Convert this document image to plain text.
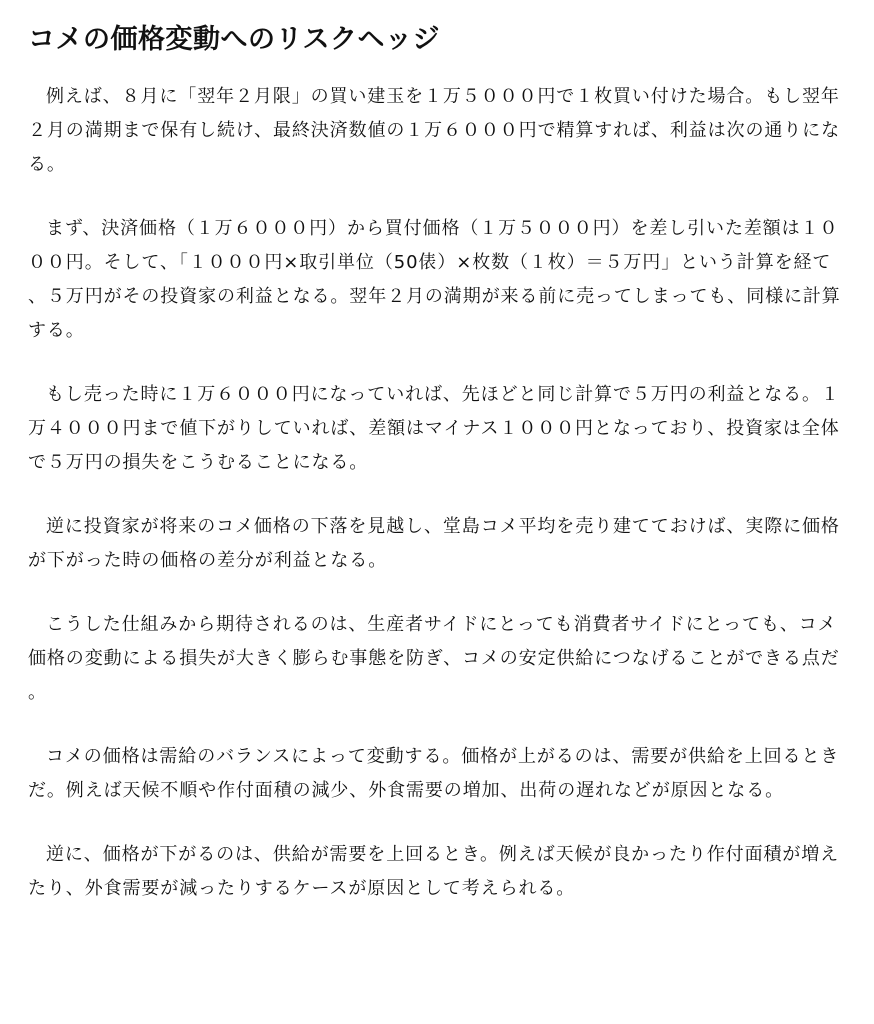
コメの価格変動へのリスクヘッジ

例えば、８月に「翌年２月限」の買い建玉を１万５０００円で１枚買い付けた場合。もし翌年２月の満期まで保有し続け、最終決済数値の１万６０００円で精算すれば、利益は次の通りになる。

まず、決済価格（１万６０００円）から買付価格（１万５０００円）を差し引いた差額は１０００円。そして、「１０００円×取引単位（50俵）×枚数（１枚）＝５万円」という計算を経て、５万円がその投資家の利益となる。翌年２月の満期が来る前に売ってしまっても、同様に計算する。

もし売った時に１万６０００円になっていれば、先ほどと同じ計算で５万円の利益となる。１万４０００円まで値下がりしていれば、差額はマイナス１０００円となっており、投資家は全体で５万円の損失をこうむることになる。

逆に投資家が将来のコメ価格の下落を見越し、堂島コメ平均を売り建てておけば、実際に価格が下がった時の価格の差分が利益となる。

こうした仕組みから期待されるのは、生産者サイドにとっても消費者サイドにとっても、コメ価格の変動による損失が大きく膨らむ事態を防ぎ、コメの安定供給につなげることができる点だ。

コメの価格は需給のバランスによって変動する。価格が上がるのは、需要が供給を上回るときだ。例えば天候不順や作付面積の減少、外食需要の増加、出荷の遅れなどが原因となる。

逆に、価格が下がるのは、供給が需要を上回るとき。例えば天候が良かったり作付面積が増えたり、外食需要が減ったりするケースが原因として考えられる。
